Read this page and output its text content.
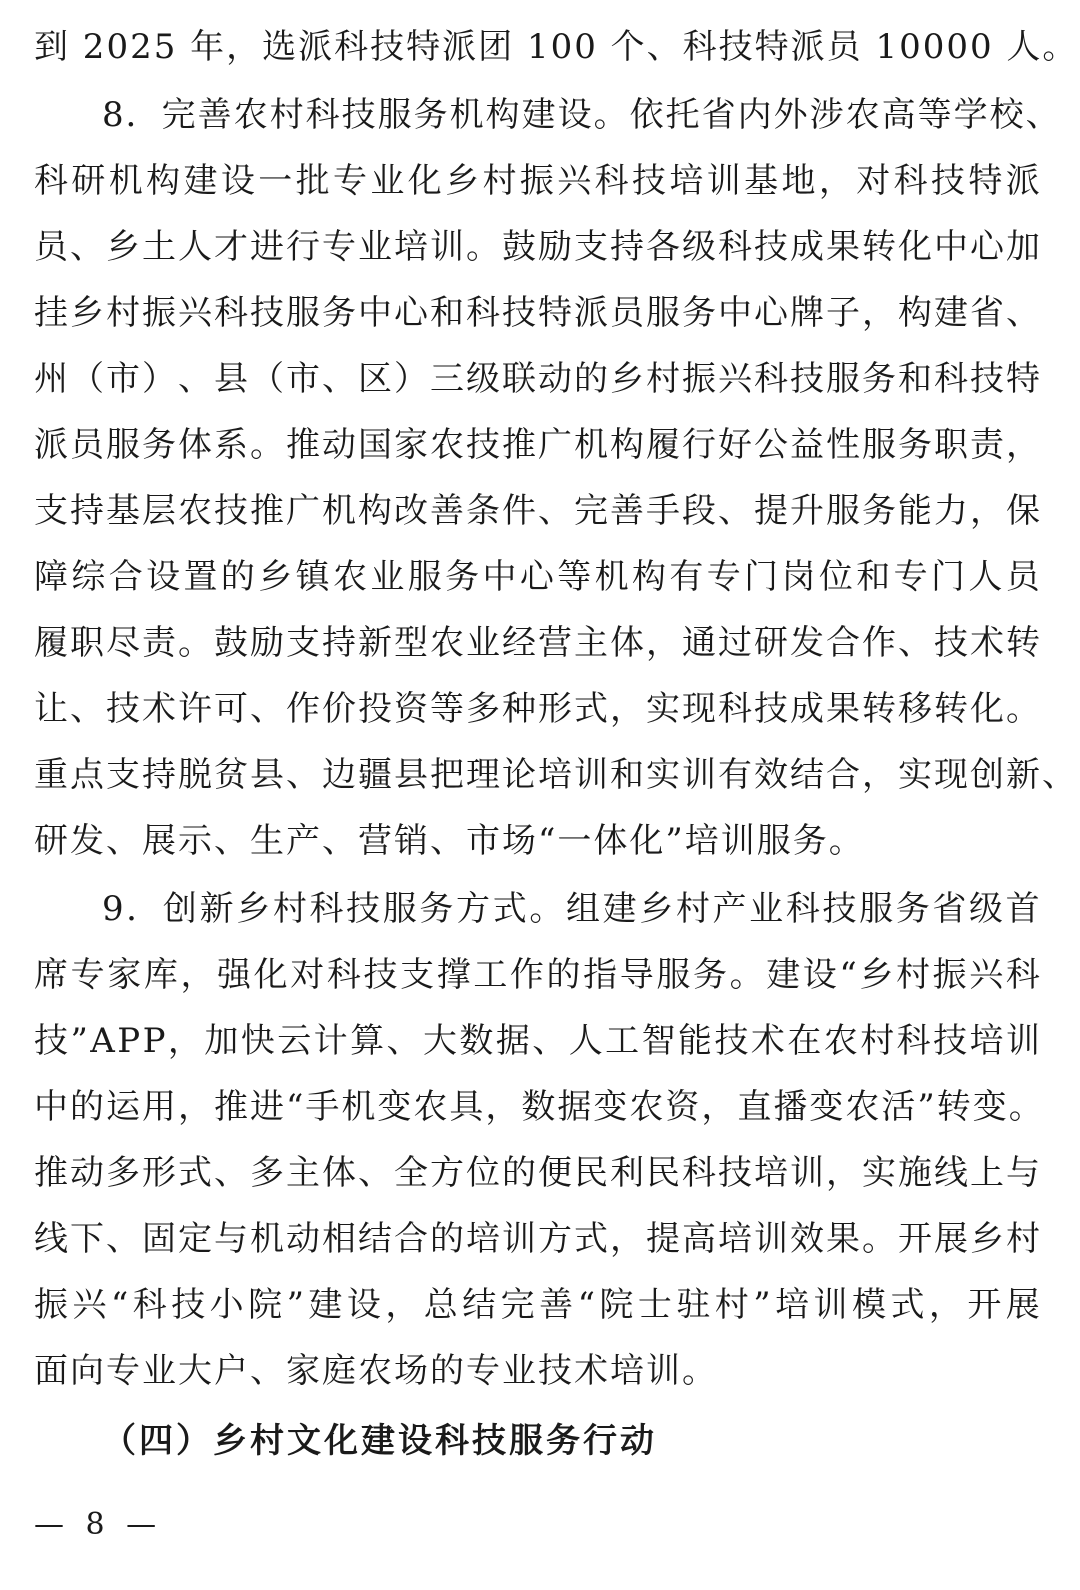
到 2025 年，选派科技特派团 100 个、科技特派员 10000 人。
8 ． 完 善 农 村 科 技 服 务 机 构 建 设 。 依 托 省 内 外 涉 农 高 等 学 校 、
科 研 机 构 建 设 一 批 专 业 化 乡 村 振 兴 科 技 培 训 基 地 ， 对 科 技 特 派
员 、 乡 土 人 才 进 行 专 业 培 训 。 鼓 励 支 持 各 级 科 技 成 果 转 化 中 心 加
挂 乡 村 振 兴 科 技 服 务 中 心 和 科 技 特 派 员 服 务 中 心 牌 子 ， 构 建 省 、
州 （ 市 ） 、 县 （ 市 、 区 ） 三 级 联 动 的 乡 村 振 兴 科 技 服 务 和 科 技 特
派 员 服 务 体 系 。 推 动 国 家 农 技 推 广 机 构 履 行 好 公 益 性 服 务 职 责 ，
支 持 基 层 农 技 推 广 机 构 改 善 条 件 、 完 善 手 段 、 提 升 服 务 能 力 ， 保
障 综 合 设 置 的 乡 镇 农 业 服 务 中 心 等 机 构 有 专 门 岗 位 和 专 门 人 员
履 职 尽 责 。 鼓 励 支 持 新 型 农 业 经 营 主 体 ， 通 过 研 发 合 作 、 技 术 转
让 、 技 术 许 可 、 作 价 投 资 等 多 种 形 式 ， 实 现 科 技 成 果 转 移 转 化 。
重 点 支 持 脱 贫 县 、 边 疆 县 把 理 论 培 训 和 实 训 有 效 结 合 ， 实 现 创 新 、
研发、展示、生产、营销、市场“一体化”培训服务。
9 ． 创 新 乡 村 科 技 服 务 方 式 。 组 建 乡 村 产 业 科 技 服 务 省 级 首
席 专 家 库 ， 强 化 对 科 技 支 撑 工 作 的 指 导 服 务 。 建 设 “ 乡 村 振 兴 科
技 ” A P P ， 加 快 云 计 算 、 大 数 据 、 人 工 智 能 技 术 在 农 村 科 技 培 训
中 的 运 用 ， 推 进 “ 手 机 变 农 具 ， 数 据 变 农 资 ， 直 播 变 农 活 ” 转 变 。
推 动 多 形 式 、 多 主 体 、 全 方 位 的 便 民 利 民 科 技 培 训 ， 实 施 线 上 与
线 下 、 固 定 与 机 动 相 结 合 的 培 训 方 式 ， 提 高 培 训 效 果 。 开 展 乡 村
振 兴 “ 科 技 小 院 ” 建 设 ， 总 结 完 善 “ 院 士 驻 村 ” 培 训 模 式 ， 开 展
面向专业大户、家庭农场的专业技术培训。
（四）乡村文化建设科技服务行动
— 8 —
